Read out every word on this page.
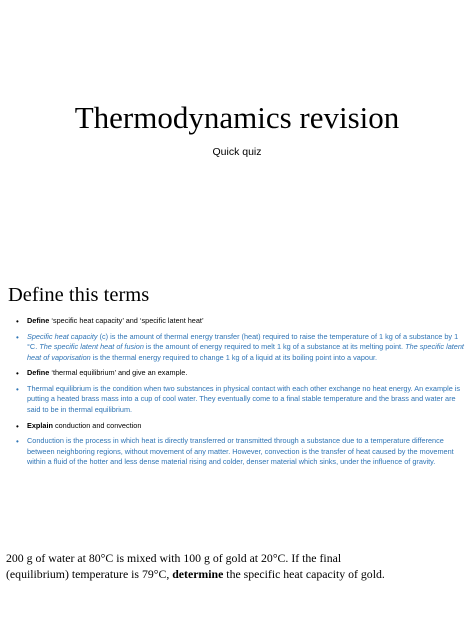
Thermodynamics revision
Quick quiz
Define this terms
• Define ‘specific heat capacity’ and ‘specific latent heat’
• Specific heat capacity (c) is the amount of thermal energy transfer (heat) required to raise the temperature of 1 kg of a substance by 1 °C. The specific latent heat of fusion is the amount of energy required to melt 1 kg of a substance at its melting point. The specific latent heat of vaporisation is the thermal energy required to change 1 kg of a liquid at its boiling point into a vapour.
• Define ‘thermal equilibrium’ and give an example.
• Thermal equilibrium is the condition when two substances in physical contact with each other exchange no heat energy. An example is putting a heated brass mass into a cup of cool water. They eventually come to a final stable temperature and the brass and water are said to be in thermal equilibrium.
• Explain conduction and convection
• Conduction is the process in which heat is directly transferred or transmitted through a substance due to a temperature difference between neighboring regions, without movement of any matter. However, convection is the transfer of heat caused by the movement within a fluid of the hotter and less dense material rising and colder, denser material which sinks, under the influence of gravity.
200 g of water at 80°C is mixed with 100 g of gold at 20°C. If the final (equilibrium) temperature is 79°C, determine the specific heat capacity of gold.
